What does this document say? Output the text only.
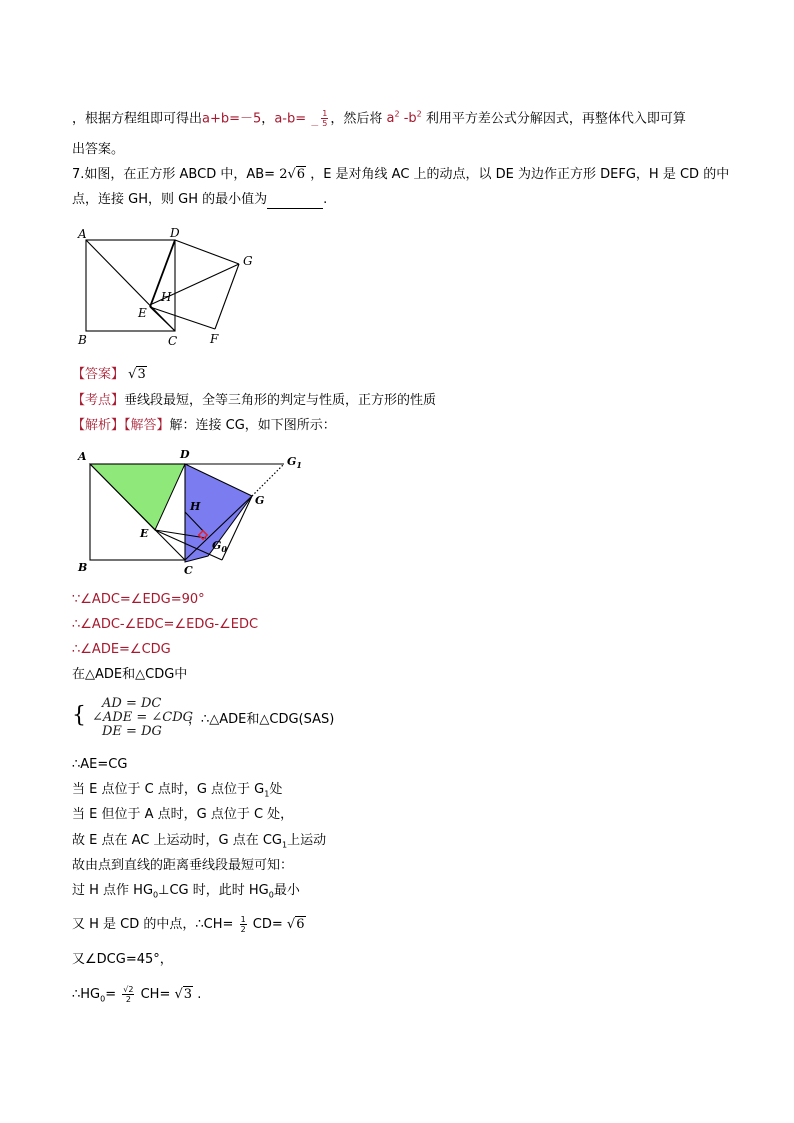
，根据方程组即可得出a+b=－5，$a-b= _- \frac{1}{5}$ ，然后将 $a^2$ $-b^2$ 利用平方差公式分解因式，再整体代入即可算
出答案。
7.如图，在正方形 ABCD 中，AB= 2√6 ，E 是对角线 AC 上的动点，以 DE 为边作正方形 DEFG，H 是 CD 的中
点，连接 GH，则 GH 的最小值为	.
A
B	C
D
E
F
G
H
【答案】 √3
【考点】垂线段最短，全等三角形的判定与性质，正方形的性质
【解析】【解答】解：连接 CG，如下图所示：
A
B	C
D
E
G
H
$G_1$
$G_0$
∵∠ADC=∠EDG=90°
∴∠ADC-∠EDC=∠EDG-∠EDC
∴∠ADE=∠CDG
在△ADE和△CDG中
{	AD = DC
∠ADE = ∠CDG
DE = DG
，∴△ADE和△CDG(SAS)
∴AE=CG
当 E 点位于 C 点时，G 点位于 $G_1$处
当 E 但位于 A 点时，G 点位于 C 处，
故 E 点在 AC 上运动时，G 点在 $CG_1$上运动
故由点到直线的距离垂线段最短可知：
过 H 点作 $HG_0\perp CG$ 时，此时 $HG_0$最小
又 H 是 CD 的中点，∴CH= $\frac{1}{2} CD= √6$
又∠DCG=45°，
$\therefore HG_0= \frac{√2}{2} CH= √3$ .
